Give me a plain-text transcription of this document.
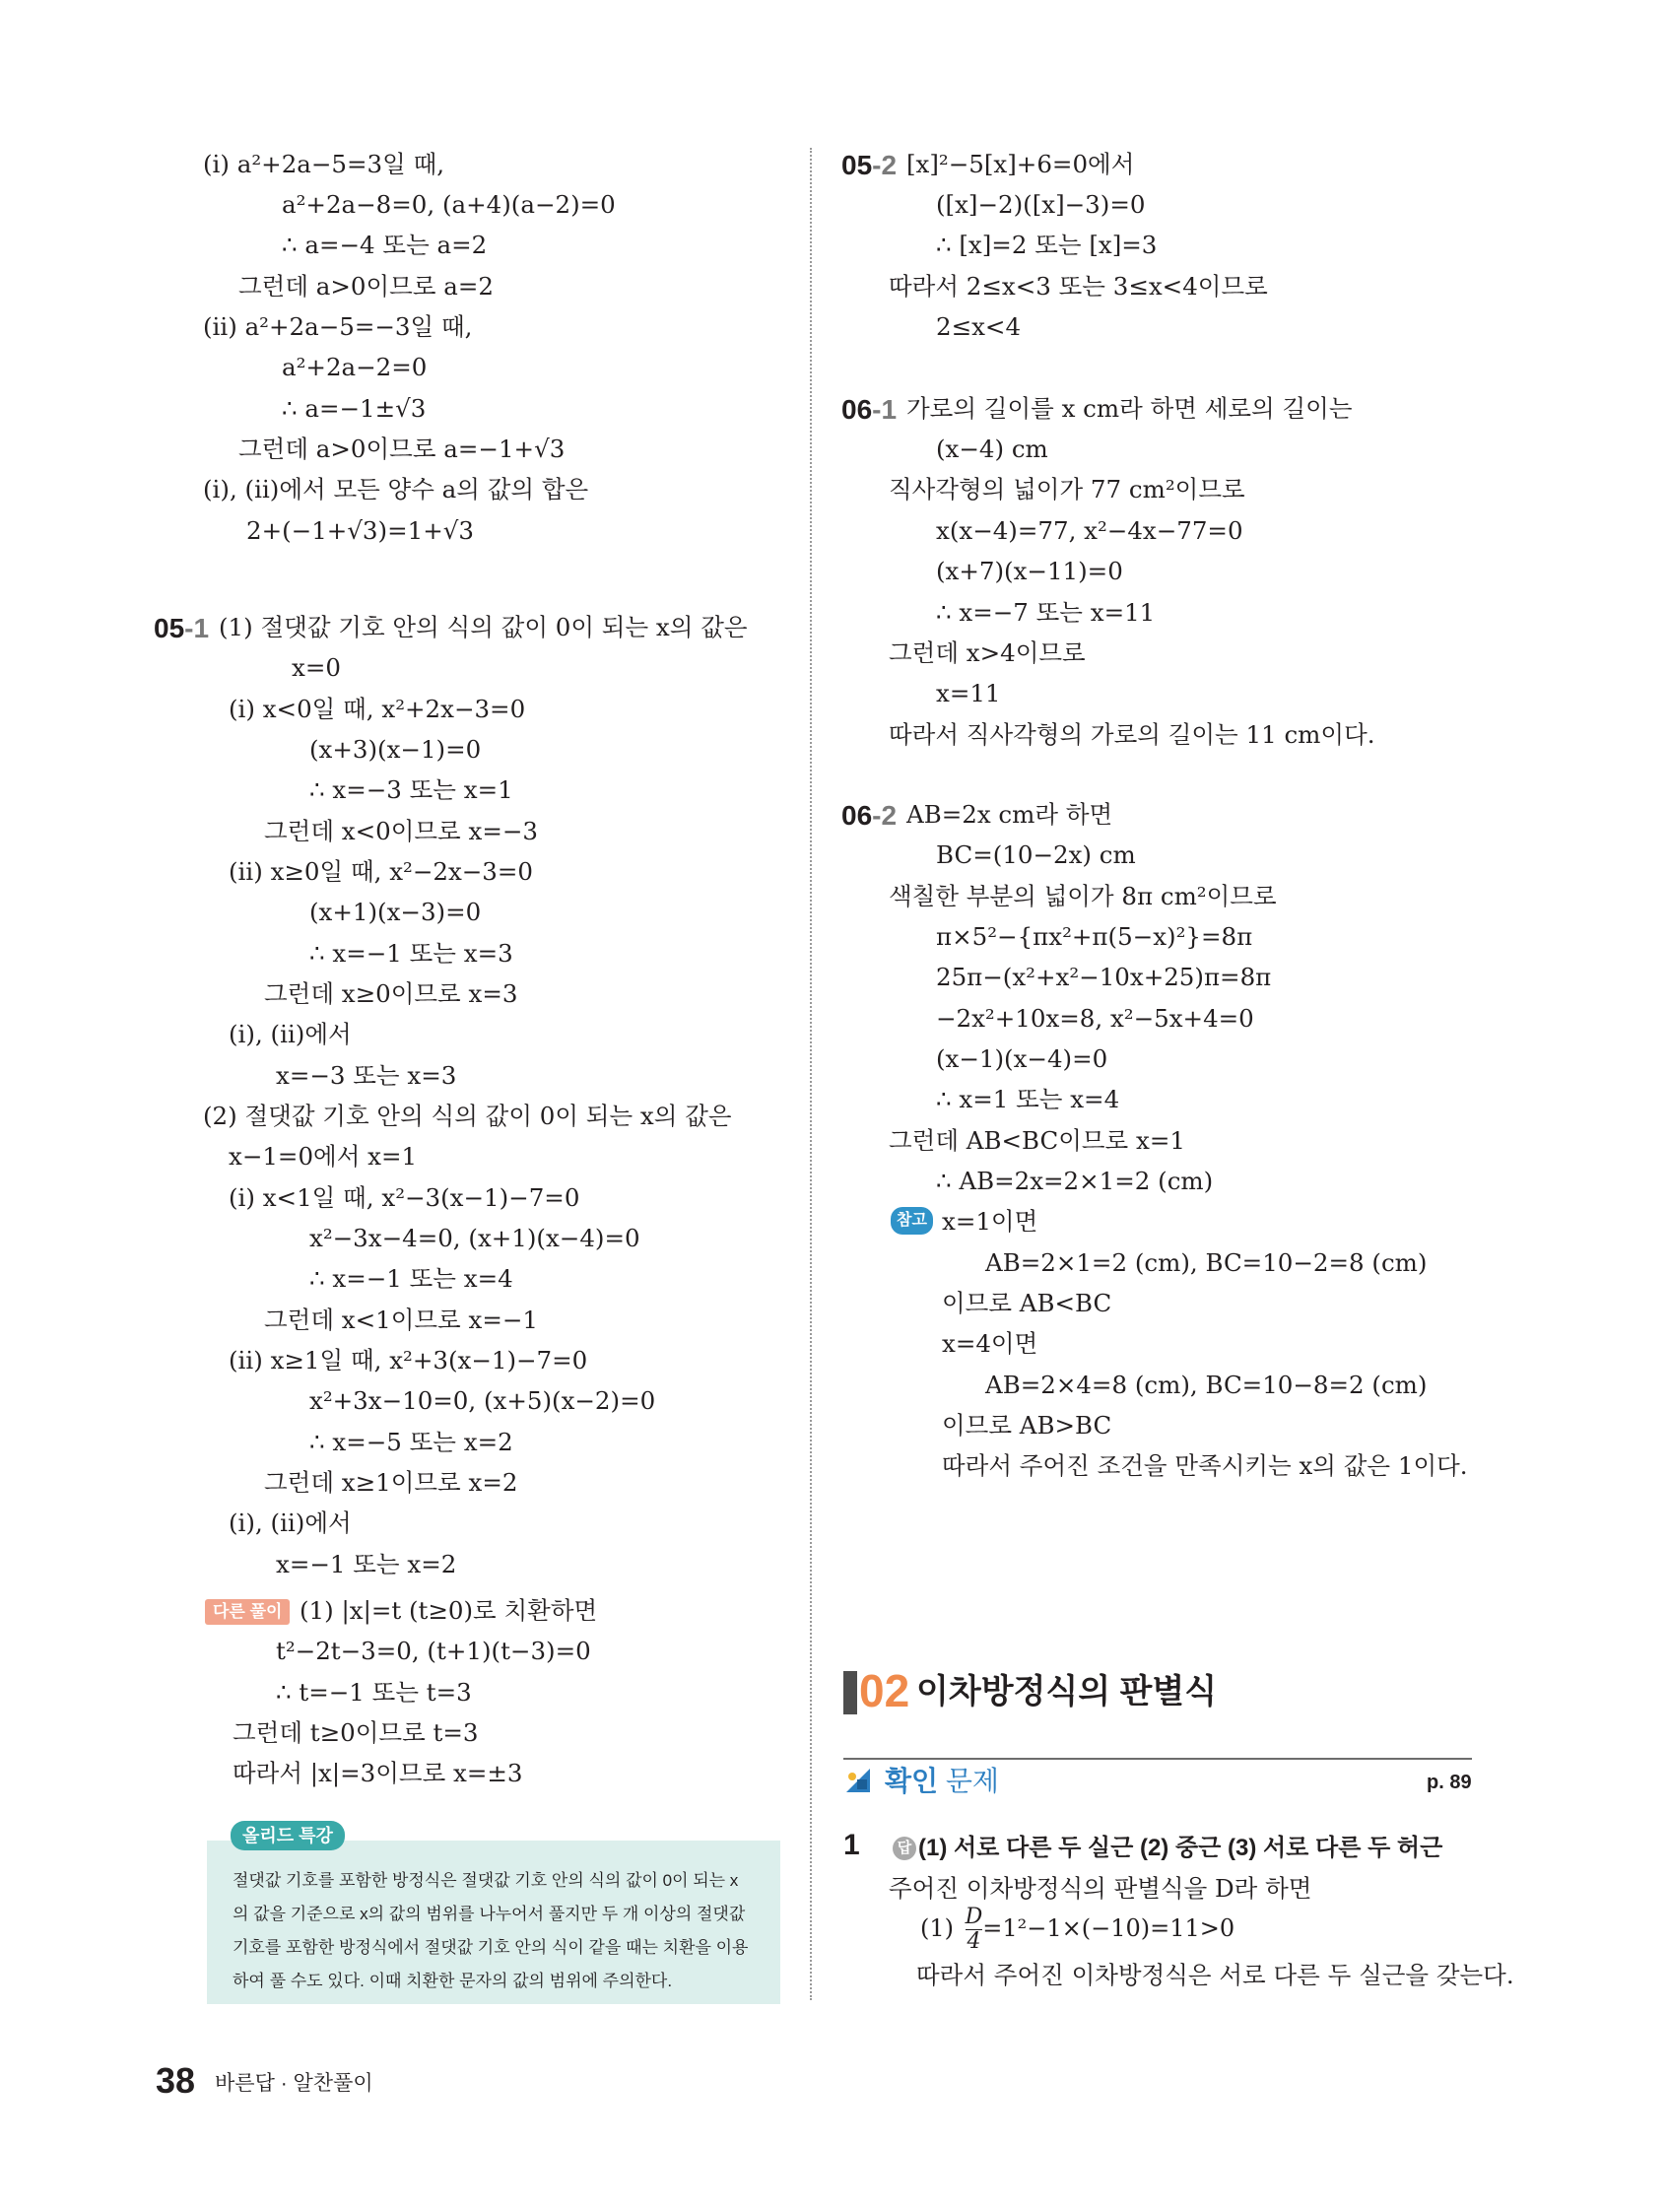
(ⅰ) a²+2a−5=3일 때,
a²+2a−8=0, (a+4)(a−2)=0
∴ a=−4 또는 a=2
그런데 a>0이므로 a=2
(ⅱ) a²+2a−5=−3일 때,
a²+2a−2=0
∴ a=−1±√3
그런데 a>0이므로 a=−1+√3
(ⅰ), (ⅱ)에서 모든 양수 a의 값의 합은
2+(−1+√3)=1+√3
05-1 (1) 절댓값 기호 안의 식의 값이 0이 되는 x의 값은
x=0
(ⅰ) x<0일 때, x²+2x−3=0
(x+3)(x−1)=0
∴ x=−3 또는 x=1
그런데 x<0이므로 x=−3
(ⅱ) x≥0일 때, x²−2x−3=0
(x+1)(x−3)=0
∴ x=−1 또는 x=3
그런데 x≥0이므로 x=3
(ⅰ), (ⅱ)에서
x=−3 또는 x=3
(2) 절댓값 기호 안의 식의 값이 0이 되는 x의 값은
x−1=0에서 x=1
(ⅰ) x<1일 때, x²−3(x−1)−7=0
x²−3x−4=0, (x+1)(x−4)=0
∴ x=−1 또는 x=4
그런데 x<1이므로 x=−1
(ⅱ) x≥1일 때, x²+3(x−1)−7=0
x²+3x−10=0, (x+5)(x−2)=0
∴ x=−5 또는 x=2
그런데 x≥1이므로 x=2
(ⅰ), (ⅱ)에서
x=−1 또는 x=2
다른 풀이 (1) |x|=t (t≥0)로 치환하면
t²−2t−3=0, (t+1)(t−3)=0
∴ t=−1 또는 t=3
그런데 t≥0이므로 t=3
따라서 |x|=3이므로 x=±3
올리드 특강
절댓값 기호를 포함한 방정식은 절댓값 기호 안의 식의 값이 0이 되는 x
의 값을 기준으로 x의 값의 범위를 나누어서 풀지만 두 개 이상의 절댓값
기호를 포함한 방정식에서 절댓값 기호 안의 식이 같을 때는 치환을 이용
하여 풀 수도 있다. 이때 치환한 문자의 값의 범위에 주의한다.
05-2 [x]²−5[x]+6=0에서
([x]−2)([x]−3)=0
∴ [x]=2 또는 [x]=3
따라서 2≤x<3 또는 3≤x<4이므로
2≤x<4
06-1 가로의 길이를 x cm라 하면 세로의 길이는
(x−4) cm
직사각형의 넓이가 77 cm²이므로
x(x−4)=77, x²−4x−77=0
(x+7)(x−11)=0
∴ x=−7 또는 x=11
그런데 x>4이므로
x=11
따라서 직사각형의 가로의 길이는 11 cm이다.
06-2 AB=2x cm라 하면
BC=(10−2x) cm
색칠한 부분의 넓이가 8π cm²이므로
π×5²−{πx²+π(5−x)²}=8π
25π−(x²+x²−10x+25)π=8π
−2x²+10x=8, x²−5x+4=0
(x−1)(x−4)=0
∴ x=1 또는 x=4
그런데 AB<BC이므로 x=1
∴ AB=2x=2×1=2 (cm)
참고 x=1이면
AB=2×1=2 (cm), BC=10−2=8 (cm)
이므로 AB<BC
x=4이면
AB=2×4=8 (cm), BC=10−8=2 (cm)
이므로 AB>BC
따라서 주어진 조건을 만족시키는 x의 값은 1이다.
02 이차방정식의 판별식
확인 문제	p. 89
1	답 (1) 서로 다른 두 실근 (2) 중근 (3) 서로 다른 두 허근
주어진 이차방정식의 판별식을 D라 하면
$(1) \frac{D}{4} =1^2-1\times(-10)=11>0$
따라서 주어진 이차방정식은 서로 다른 두 실근을 갖는다.
38 바른답 · 알찬풀이
